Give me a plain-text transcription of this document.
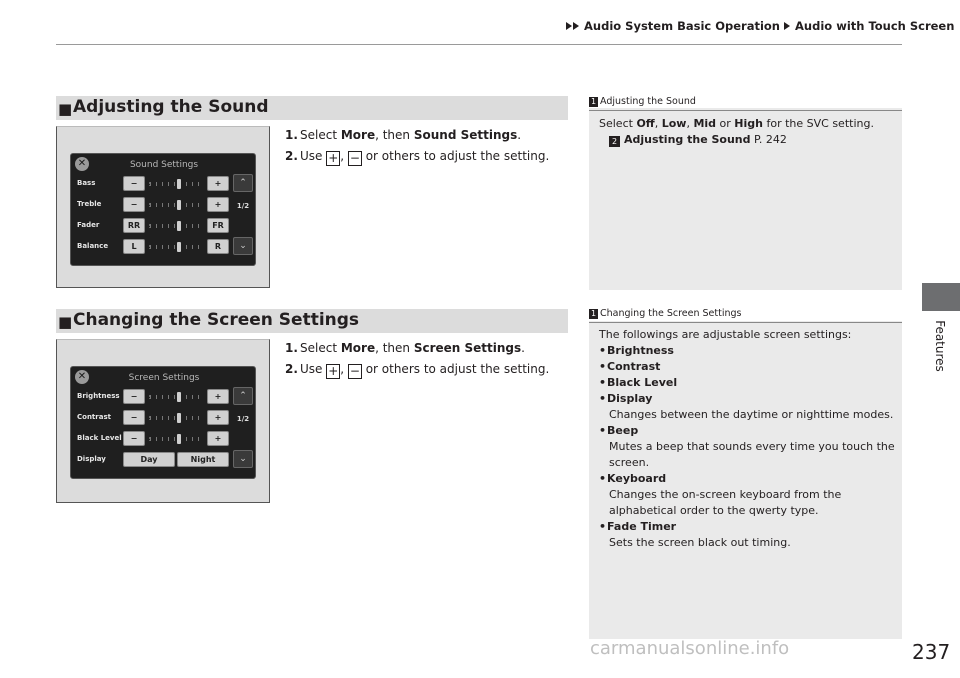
Audio System Basic Operation Audio with Touch Screen
Features
■ Adjusting the Sound
✕	Sound Settings
Bass	−	+
Treble	−	+
Fader	RR	FR
Balance	L	R
⌃
1/2
⌄
1. Select More, then Sound Settings.
2. Use + , − or others to adjust the setting.
1 Adjusting the Sound
Select Off, Low, Mid or High for the SVC setting.
2 Adjusting the Sound P. 242
■ Changing the Screen Settings
✕	Screen Settings
Brightness	−	+
Contrast	−	+
Black Level	−	+
Display	Day	Night
⌃
1/2
⌄
1. Select More, then Screen Settings.
2. Use + , − or others to adjust the setting.
1 Changing the Screen Settings
The followings are adjustable screen settings:
• Brightness
• Contrast
• Black Level
• Display
Changes between the daytime or nighttime modes.
• Beep
Mutes a beep that sounds every time you touch the screen.
• Keyboard
Changes the on-screen keyboard from the alphabetical order to the qwerty type.
• Fade Timer
Sets the screen black out timing.
carmanualsonline.info	237
